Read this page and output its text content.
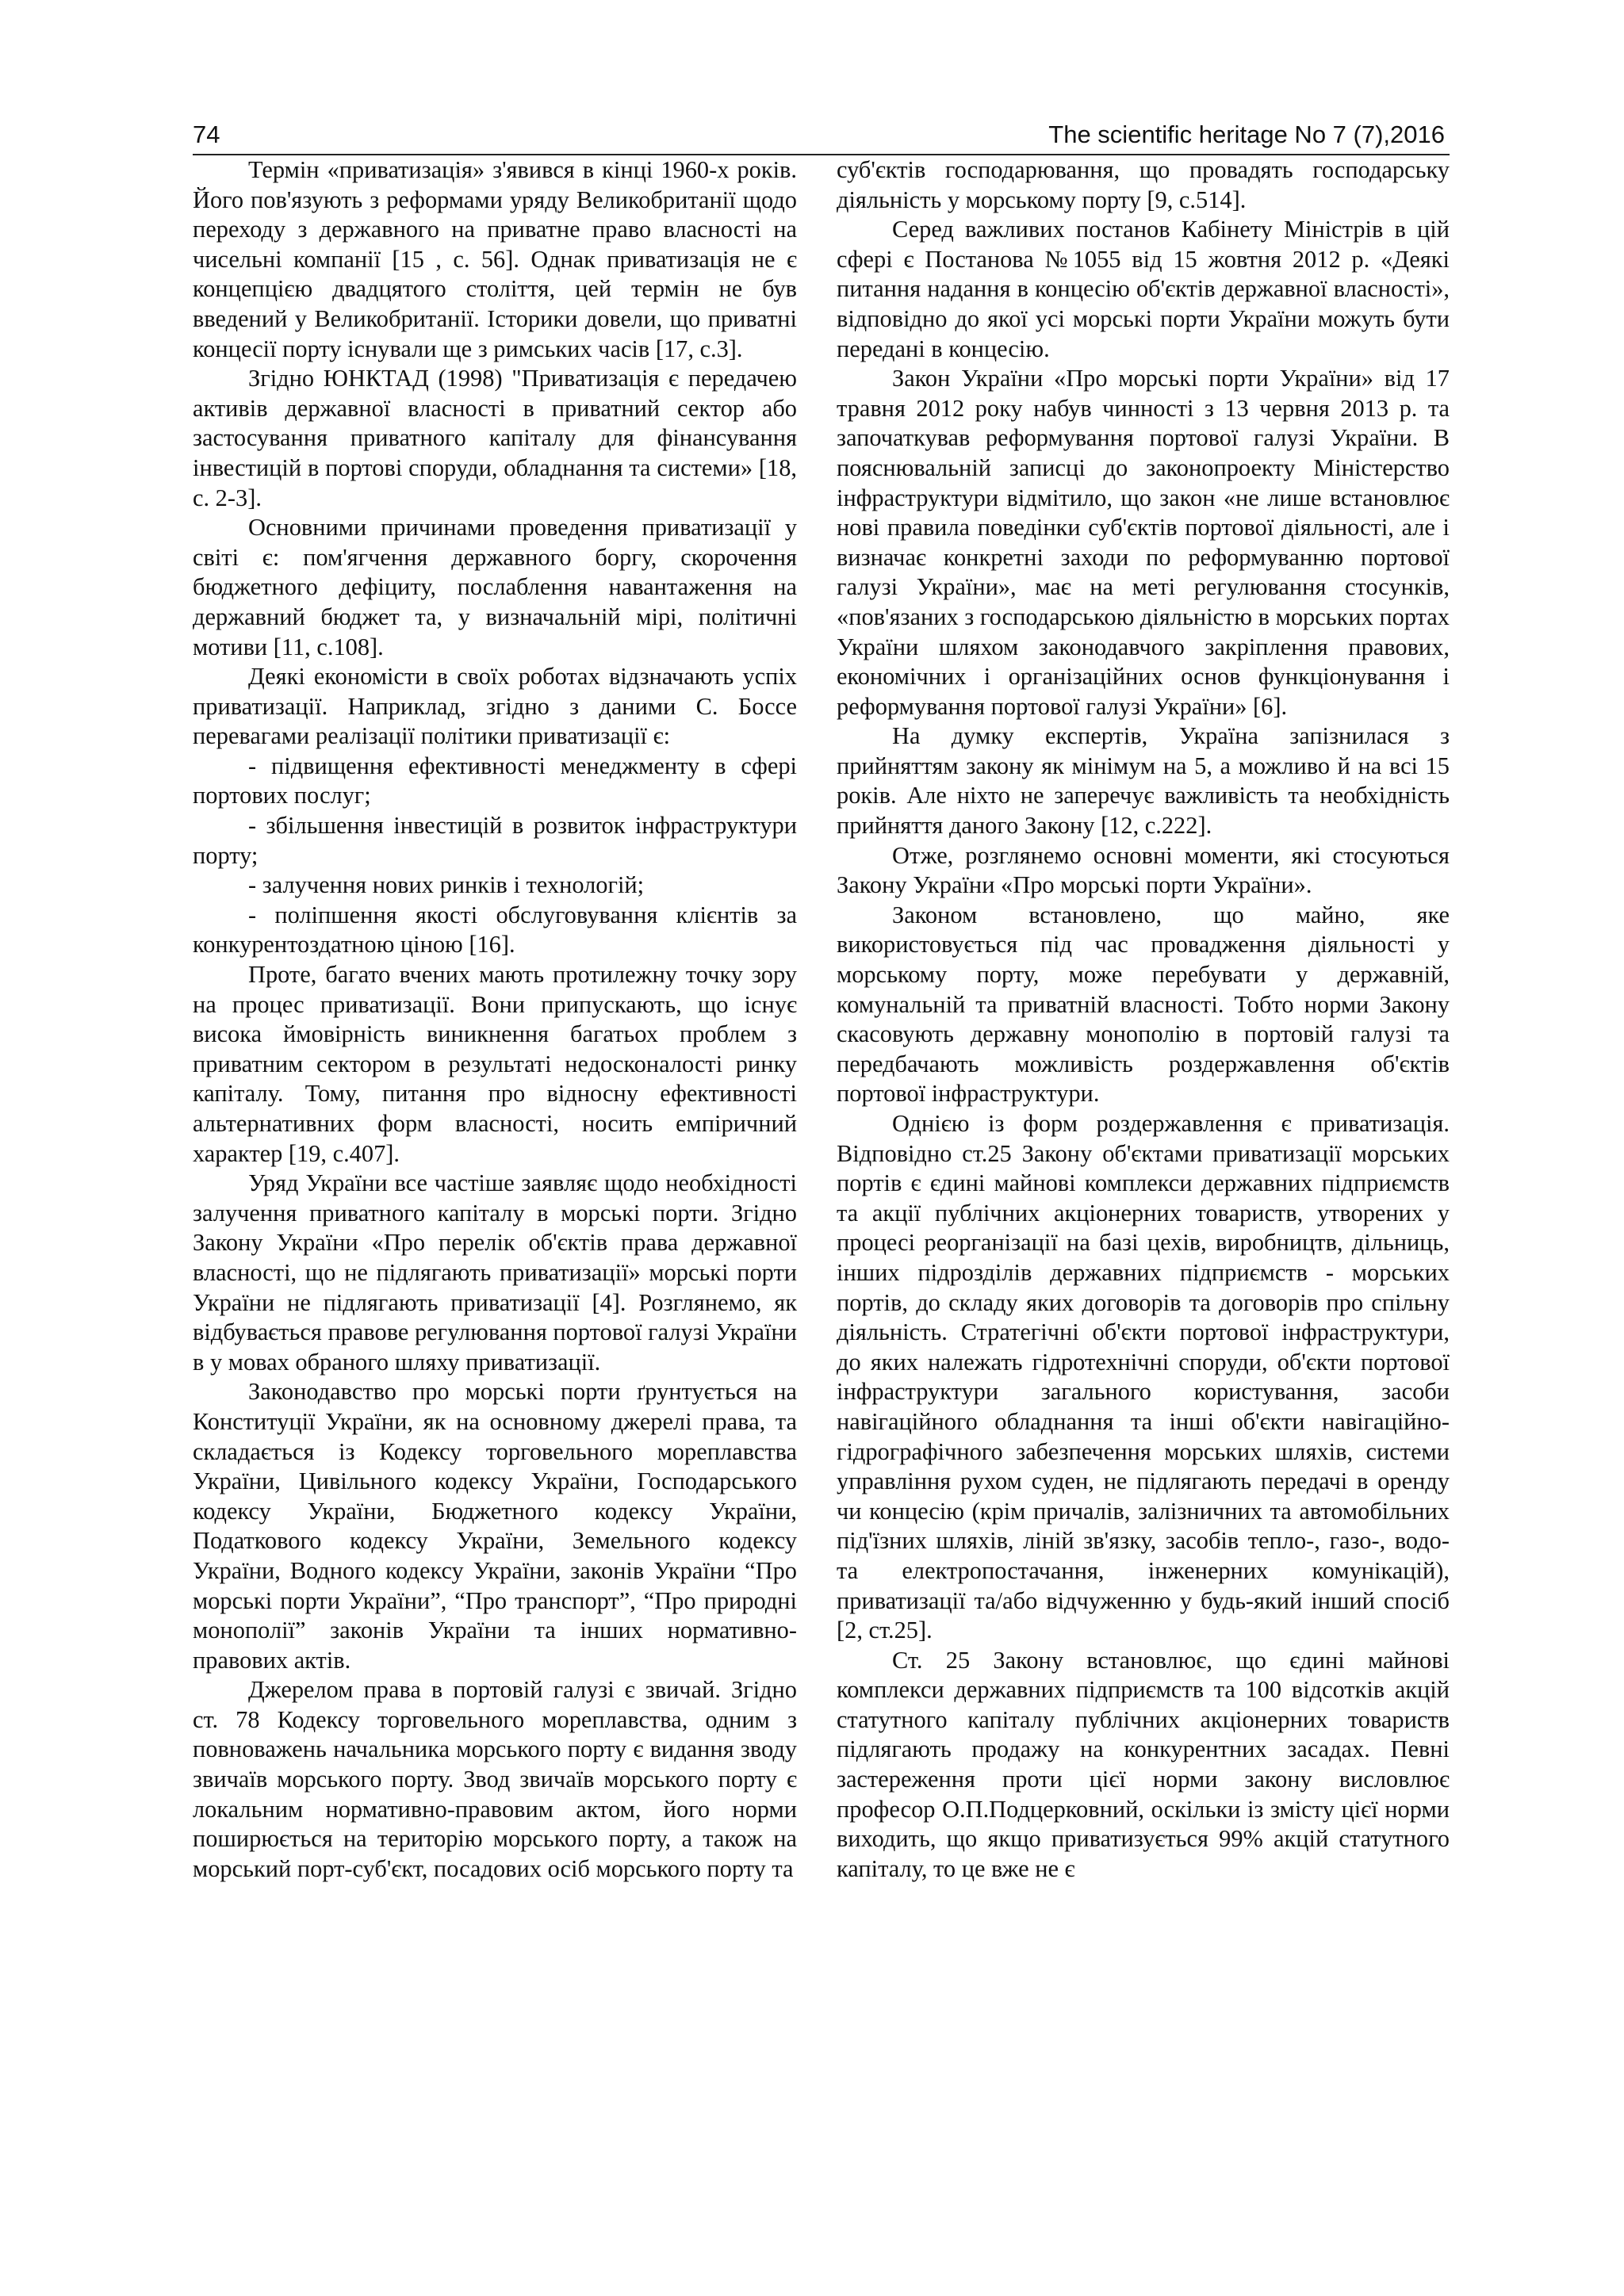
74	The scientific heritage No 7 (7),2016

Термін «приватизація» з'явився в кінці 1960-х років. Його пов'язують з реформами уряду Великобританії щодо переходу з державного на приватне право власності на чисельні компанії [15 , с. 56]. Однак приватизація не є концепцією двадцятого століття, цей термін не був введений у Великобританії. Історики довели, що приватні концесії порту існували ще з римських часів [17, с.3].

Згідно ЮНКТАД (1998) "Приватизація є передачею активів державної власності в приватний сектор або застосування приватного капіталу для фінансування інвестицій в портові споруди, обладнання та системи» [18, с. 2-3].

Основними причинами проведення приватизації у світі є: пом'ягчення державного боргу, скорочення бюджетного дефіциту, послаблення навантаження на державний бюджет та, у визначальній мірі, політичні мотиви [11, с.108].

Деякі економісти в своїх роботах відзначають успіх приватизації. Наприклад, згідно з даними С. Боссе перевагами реалізації політики приватизації є:

- підвищення ефективності менеджменту в сфері портових послуг;

- збільшення інвестицій в розвиток інфраструктури порту;

- залучення нових ринків і технологій;

- поліпшення якості обслуговування клієнтів за конкурентоздатною ціною [16].

Проте, багато вчених мають протилежну точку зору на процес приватизації. Вони припускають, що існує висока ймовірність виникнення багатьох проблем з приватним сектором в результаті недосконалості ринку капіталу. Тому, питання про відносну ефективності альтернативних форм власності, носить емпіричний характер [19, с.407].

Уряд України все частіше заявляє щодо необхідності залучення приватного капіталу в морські порти. Згідно Закону України «Про перелік об'єктів права державної власності, що не підлягають приватизації» морські порти України не підлягають приватизації [4]. Розглянемо, як відбувається правове регулювання портової галузі України в у мовах обраного шляху приватизації.

Законодавство про морські порти ґрунтується на Конституції України, як на основному джерелі права, та складається із Кодексу торговельного мореплавства України, Цивільного кодексу України, Господарського кодексу України, Бюджетного кодексу України, Податкового кодексу України, Земельного кодексу України, Водного кодексу України, законів України “Про морські порти України”, “Про транспорт”, “Про природні монополії” законів України та інших нормативно-правових актів.

Джерелом права в портовій галузі є звичай. Згідно ст. 78 Кодексу торговельного мореплавства, одним з повноважень начальника морського порту є видання зводу звичаїв морського порту. Звод звичаїв морського порту є локальним нормативно-правовим актом, його норми поширюється на територію морського порту, а також на морський порт-суб'єкт, посадових осіб морського порту та

суб'єктів господарювання, що провадять господарську діяльність у морському порту [9, с.514].

Серед важливих постанов Кабінету Міністрів в цій сфері є Постанова №1055 від 15 жовтня 2012 р. «Деякі питання надання в концесію об'єктів державної власності», відповідно до якої усі морські порти України можуть бути передані в концесію.

Закон України «Про морські порти України» від 17 травня 2012 року набув чинності з 13 червня 2013 р. та започаткував реформування портової галузі України. В пояснювальній записці до законопроекту Міністерство інфраструктури відмітило, що закон «не лише встановлює нові правила поведінки суб'єктів портової діяльності, але і визначає конкретні заходи по реформуванню портової галузі України», має на меті регулювання стосунків, «пов'язаних з господарською діяльністю в морських портах України шляхом законодавчого закріплення правових, економічних і організаційних основ функціонування і реформування портової галузі України» [6].

На думку експертів, Україна запізнилася з прийняттям закону як мінімум на 5, а можливо й на всі 15 років. Але ніхто не заперечує важливість та необхідність прийняття даного Закону [12, с.222].

Отже, розглянемо основні моменти, які стосуються Закону України «Про морські порти України».

Законом встановлено, що майно, яке використовується під час провадження діяльності у морському порту, може перебувати у державній, комунальній та приватній власності. Тобто норми Закону скасовують державну монополію в портовій галузі та передбачають можливість роздержавлення об'єктів портової інфраструктури.

Однією із форм роздержавлення є приватизація. Відповідно ст.25 Закону об'єктами приватизації морських портів є єдині майнові комплекси державних підприємств та акції публічних акціонерних товариств, утворених у процесі реорганізації на базі цехів, виробництв, дільниць, інших підрозділів державних підприємств - морських портів, до складу яких договорів та договорів про спільну діяльність. Стратегічні об'єкти портової інфраструктури, до яких належать гідротехнічні споруди, об'єкти портової інфраструктури загального користування, засоби навігаційного обладнання та інші об'єкти навігаційно- гідрографічного забезпечення морських шляхів, системи управління рухом суден, не підлягають передачі в оренду чи концесію (крім причалів, залізничних та автомобільних під'їзних шляхів, ліній зв'язку, засобів тепло-, газо-, водо- та електропостачання, інженерних комунікацій), приватизації та/або відчуженню у будь-який інший спосіб [2, ст.25].

Ст. 25 Закону встановлює, що єдині майнові комплекси державних підприємств та 100 відсотків акцій статутного капіталу публічних акціонерних товариств підлягають продажу на конкурентних засадах. Певні застереження проти цієї норми закону висловлює професор О.П.Подцерковний, оскільки із змісту цієї норми виходить, що якщо приватизується 99% акцій статутного капіталу, то це вже не є
